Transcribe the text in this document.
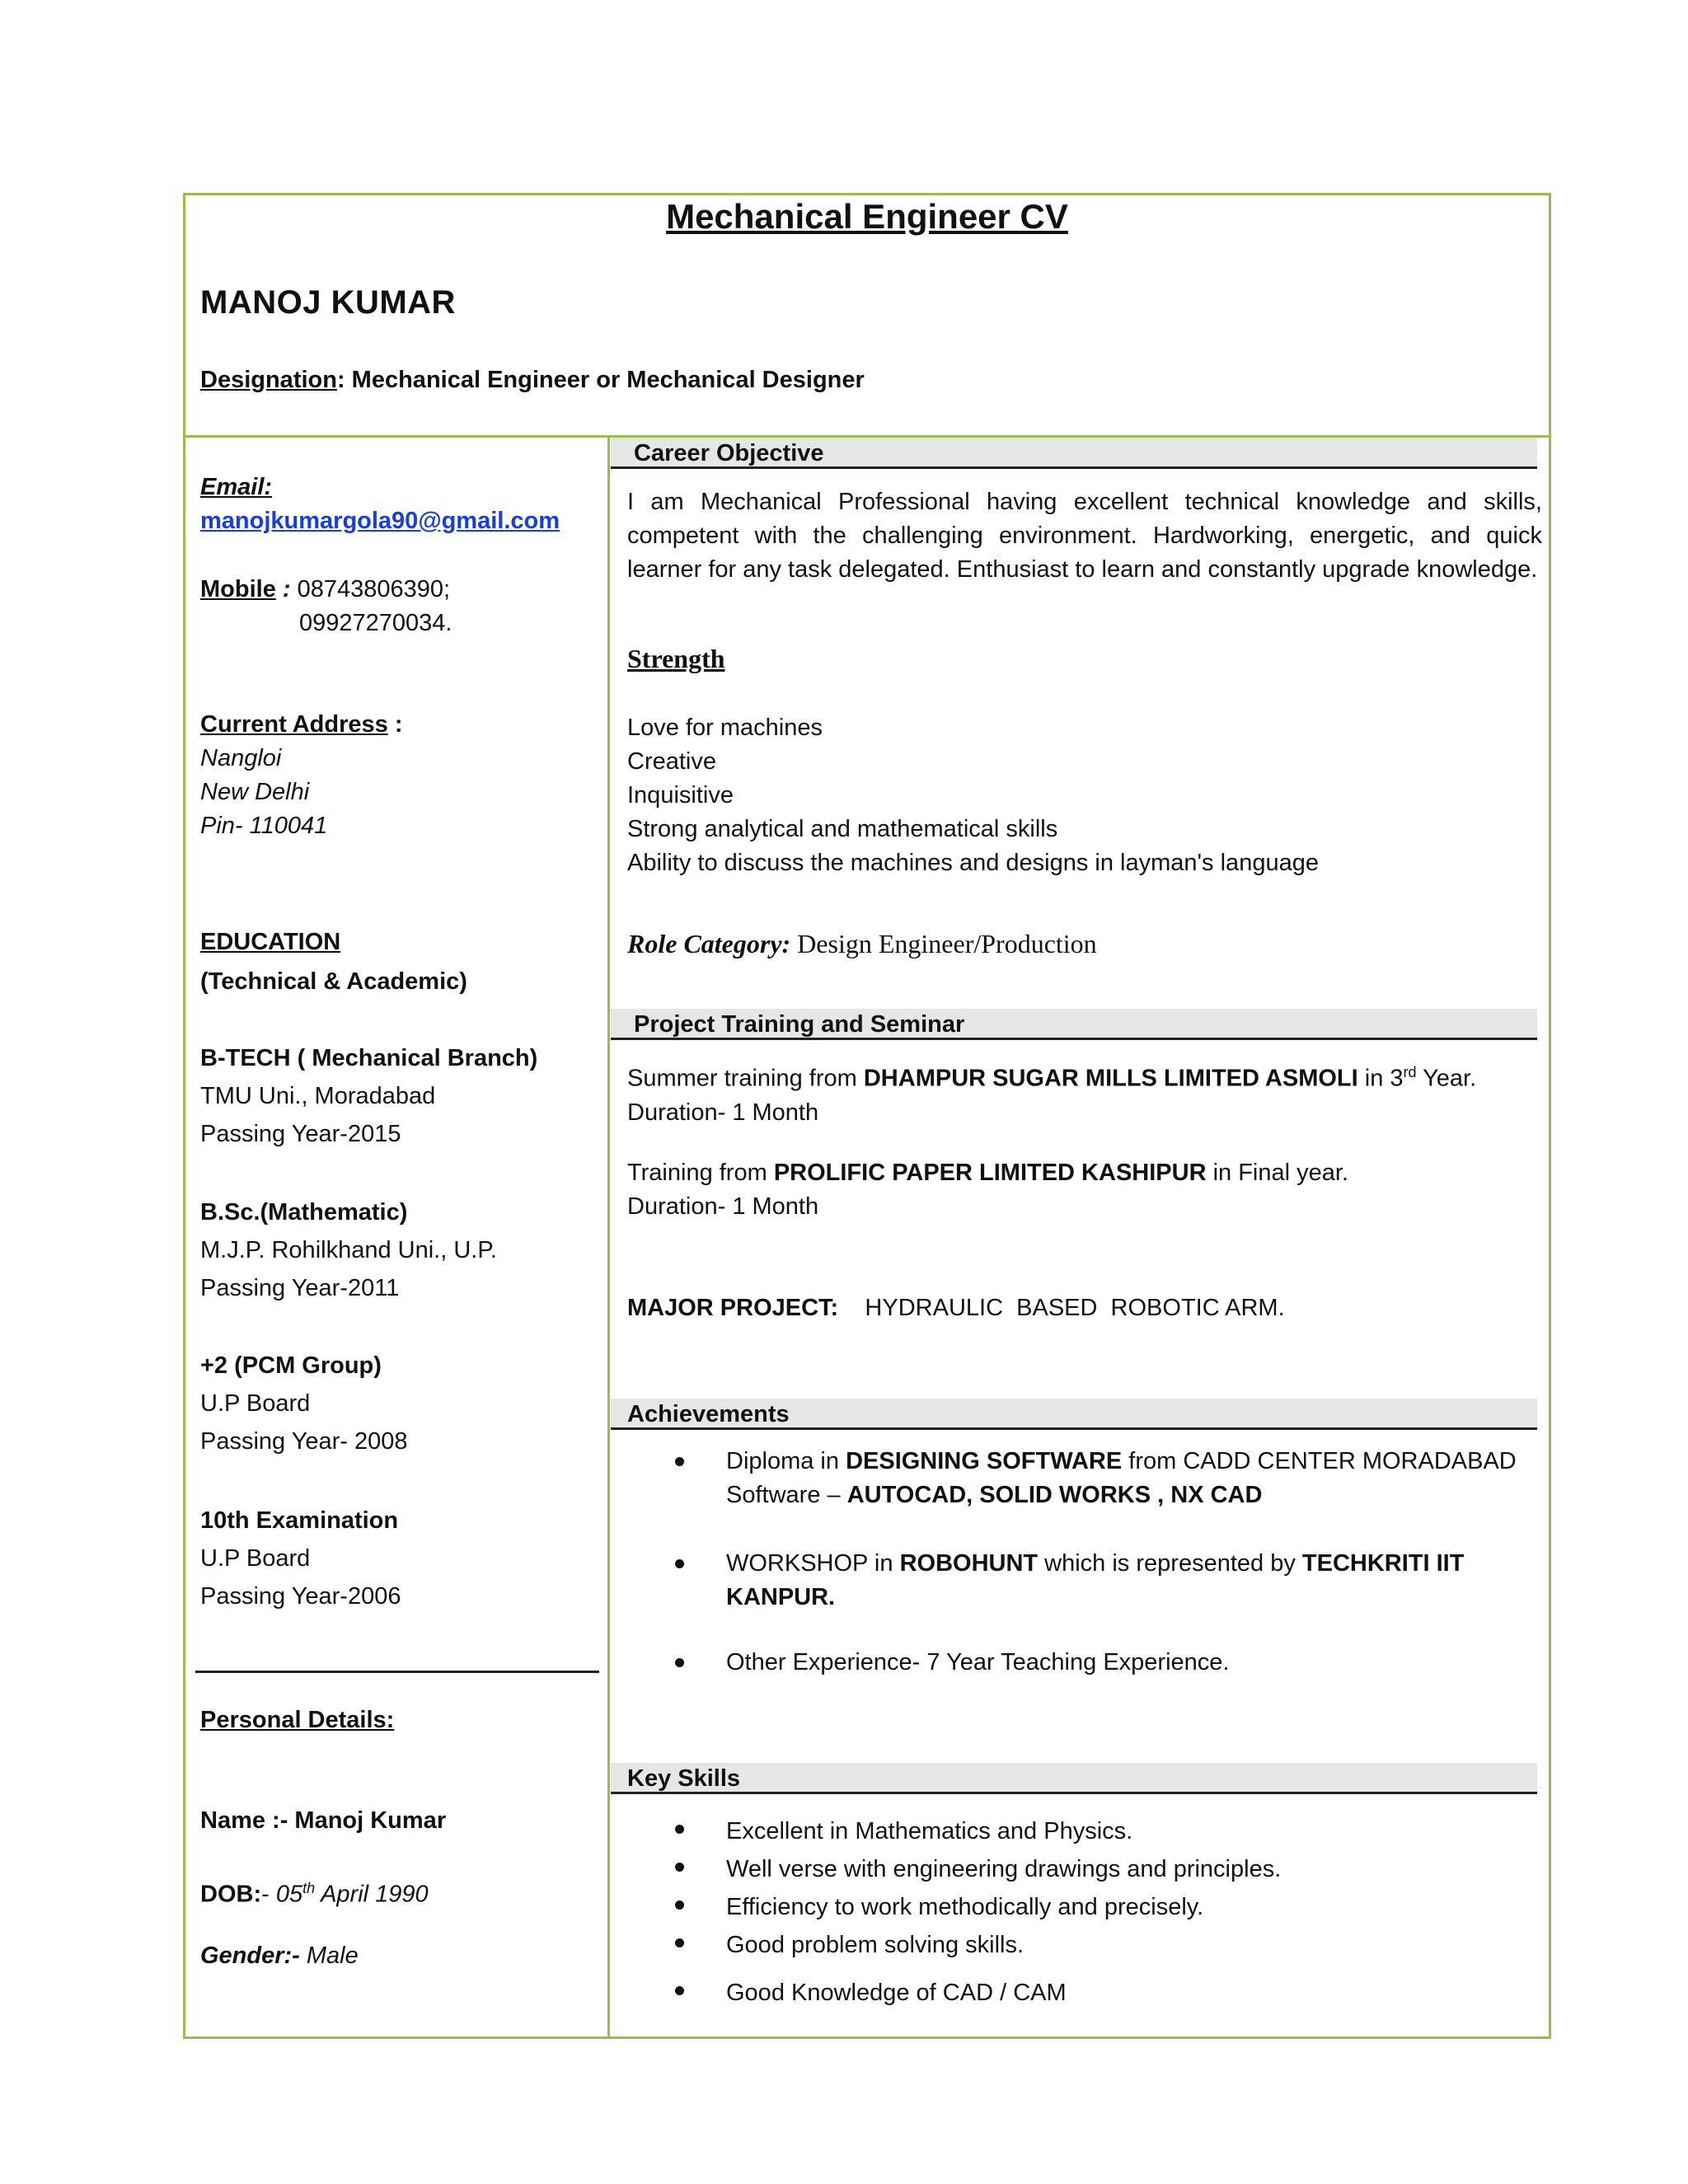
Mechanical Engineer CV
MANOJ KUMAR
Designation: Mechanical Engineer or Mechanical Designer
Email:
manojkumargola90@gmail.com
Mobile : 08743806390;
09927270034.
Current Address :
Nangloi
New Delhi
Pin- 110041
EDUCATION
(Technical & Academic)
B-TECH ( Mechanical Branch)
TMU Uni., Moradabad
Passing Year-2015
B.Sc.(Mathematic)
M.J.P. Rohilkhand Uni., U.P.
Passing Year-2011
+2 (PCM Group)
U.P Board
Passing Year- 2008
10th Examination
U.P Board
Passing Year-2006
Personal Details:
Name :- Manoj Kumar
DOB:- 05th April 1990
Gender:- Male
Career Objective
I am Mechanical Professional having excellent technical knowledge and skills, competent with the challenging environment. Hardworking, energetic, and quick learner for any task delegated. Enthusiast to learn and constantly upgrade knowledge.
Strength
Love for machines
Creative
Inquisitive
Strong analytical and mathematical skills
Ability to discuss the machines and designs in layman's language
Role Category: Design Engineer/Production
Project Training and Seminar
Summer training from DHAMPUR SUGAR MILLS LIMITED ASMOLI in 3rd Year.
Duration- 1 Month
Training from PROLIFIC PAPER LIMITED KASHIPUR in Final year.
Duration- 1 Month
MAJOR PROJECT:    HYDRAULIC  BASED  ROBOTIC ARM.
Achievements
Diploma in DESIGNING SOFTWARE from CADD CENTER MORADABAD Software – AUTOCAD, SOLID WORKS , NX CAD
WORKSHOP in ROBOHUNT which is represented by TECHKRITI IIT KANPUR.
Other Experience- 7 Year Teaching Experience.
Key Skills
Excellent in Mathematics and Physics.
Well verse with engineering drawings and principles.
Efficiency to work methodically and precisely.
Good problem solving skills.
Good Knowledge of CAD / CAM
